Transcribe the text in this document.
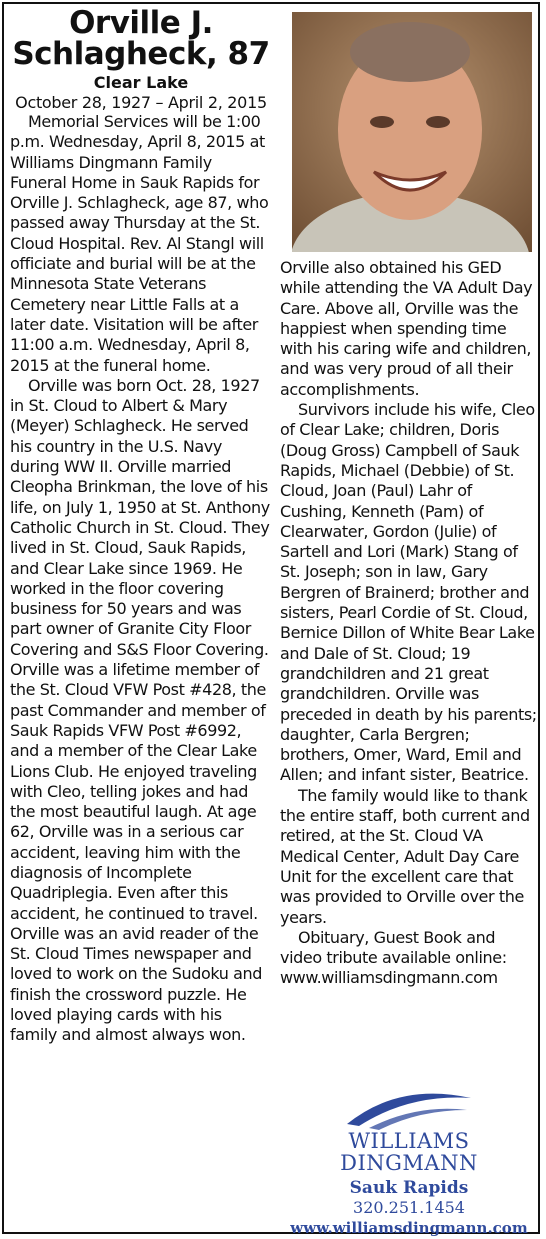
Orville J. Schlagheck, 87
Clear Lake
October 28, 1927 – April 2, 2015

Memorial Services will be 1:00 p.m. Wednesday, April 8, 2015 at Williams Dingmann Family Funeral Home in Sauk Rapids for Orville J. Schlagheck, age 87, who passed away Thursday at the St. Cloud Hospital. Rev. Al Stangl will officiate and burial will be at the Minnesota State Veterans Cemetery near Little Falls at a later date. Visitation will be after 11:00 a.m. Wednesday, April 8, 2015 at the funeral home.

Orville was born Oct. 28, 1927 in St. Cloud to Albert & Mary (Meyer) Schlagheck. He served his country in the U.S. Navy during WW II. Orville married Cleopha Brinkman, the love of his life, on July 1, 1950 at St. Anthony Catholic Church in St. Cloud. They lived in St. Cloud, Sauk Rapids, and Clear Lake since 1969. He worked in the floor covering business for 50 years and was part owner of Granite City Floor Covering and S&S Floor Covering. Orville was a lifetime member of the St. Cloud VFW Post #428, the past Commander and member of Sauk Rapids VFW Post #6992, and a member of the Clear Lake Lions Club. He enjoyed traveling with Cleo, telling jokes and had the most beautiful laugh. At age 62, Orville was in a serious car accident, leaving him with the diagnosis of Incomplete Quadriplegia. Even after this accident, he continued to travel. Orville was an avid reader of the St. Cloud Times newspaper and loved to work on the Sudoku and finish the crossword puzzle. He loved playing cards with his family and almost always won.

Orville also obtained his GED while attending the VA Adult Day Care. Above all, Orville was the happiest when spending time with his caring wife and children, and was very proud of all their accomplishments.

Survivors include his wife, Cleo of Clear Lake; children, Doris (Doug Gross) Campbell of Sauk Rapids, Michael (Debbie) of St. Cloud, Joan (Paul) Lahr of Cushing, Kenneth (Pam) of Clearwater, Gordon (Julie) of Sartell and Lori (Mark) Stang of St. Joseph; son in law, Gary Bergren of Brainerd; brother and sisters, Pearl Cordie of St. Cloud, Bernice Dillon of White Bear Lake and Dale of St. Cloud; 19 grandchildren and 21 great grandchildren. Orville was preceded in death by his parents; daughter, Carla Bergren; brothers, Omer, Ward, Emil and Allen; and infant sister, Beatrice.

The family would like to thank the entire staff, both current and retired, at the St. Cloud VA Medical Center, Adult Day Care Unit for the excellent care that was provided to Orville over the years.

Obituary, Guest Book and video tribute available online: www.williamsdingmann.com

WILLIAMS DINGMANN
Sauk Rapids
320.251.1454
www.williamsdingmann.com
